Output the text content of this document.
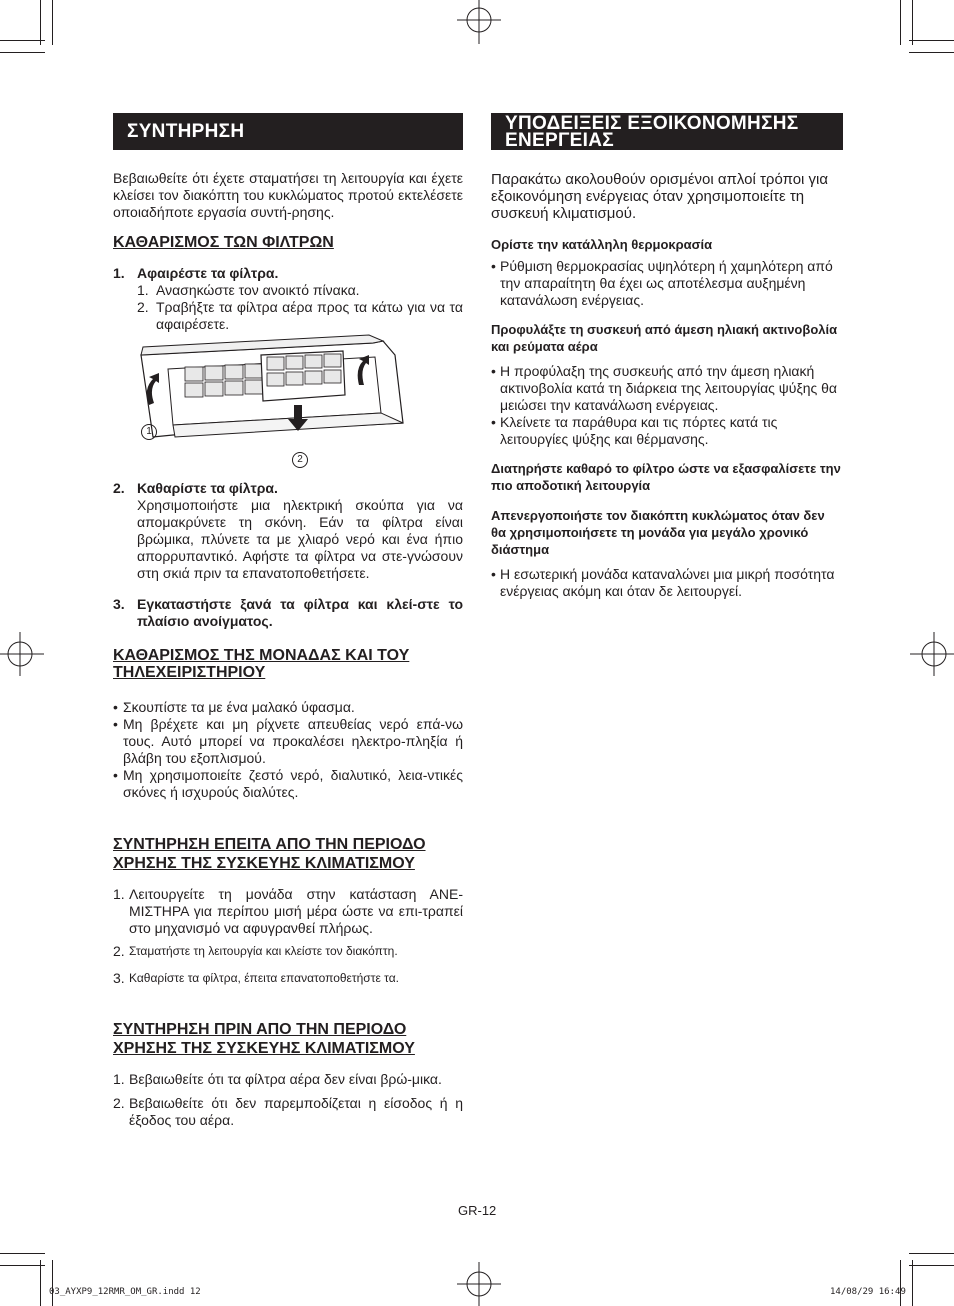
ΣΥΝΤΗΡΗΣΗ

Βεβαιωθείτε ότι έχετε σταματήσει τη λειτουργία και έχετε κλείσει τον διακόπτη του κυκλώματος προτού εκτελέσετε οποιαδήποτε εργασία συντή-ρησης.

ΚΑΘΑΡΙΣΜΟΣ ΤΩΝ ΦΙΛΤΡΩΝ

1. Αφαιρέστε τα φίλτρα.
1. Ανασηκώστε τον ανοικτό πίνακα.
2. Τραβήξτε τα φίλτρα αέρα προς τα κάτω για να τα αφαιρέσετε.
1
2
2. Καθαρίστε τα φίλτρα.

Χρησιμοποιήστε μια ηλεκτρική σκούπα για να απομακρύνετε τη σκόνη. Εάν τα φίλτρα είναι βρώμικα, πλύνετε τα με χλιαρό νερό και ένα ήπιο απορρυπαντικό. Αφήστε τα φίλτρα να στε-γνώσουν στη σκιά πριν τα επανατοποθετήσετε.

3. Εγκαταστήστε ξανά τα φίλτρα και κλεί-στε το πλαίσιο ανοίγματος.

ΚΑΘΑΡΙΣΜΟΣ ΤΗΣ ΜΟΝΑΔΑΣ ΚΑΙ ΤΟΥ

ΤΗΛΕΧΕΙΡΙΣΤΗΡΙΟΥ

• Σκουπίστε τα με ένα μαλακό ύφασμα.
• Μη βρέχετε και μη ρίχνετε απευθείας νερό επά-νω τους. Αυτό μπορεί να προκαλέσει ηλεκτρο-πληξία ή βλάβη του εξοπλισμού.
• Μη χρησιμοποιείτε ζεστό νερό, διαλυτικό, λεια-ντικές σκόνες ή ισχυρούς διαλύτες.

ΣΥΝΤΗΡΗΣΗ ΕΠΕΙΤΑ ΑΠΟ ΤΗΝ ΠΕΡΙΟΔΟ

ΧΡΗΣΗΣ ΤΗΣ ΣΥΣΚΕΥΗΣ ΚΛΙΜΑΤΙΣΜΟΥ

1. Λειτουργείτε τη μονάδα στην κατάσταση ΑΝΕ-ΜΙΣΤΗΡΑ για περίπου μισή μέρα ώστε να επι-τραπεί στο μηχανισμό να αφυγρανθεί πλήρως.
2. Σταματήστε τη λειτουργία και κλείστε τον διακόπτη.
3. Καθαρίστε τα φίλτρα, έπειτα επανατοποθετήστε τα.

ΣΥΝΤΗΡΗΣΗ ΠΡΙΝ ΑΠΟ ΤΗΝ ΠΕΡΙΟΔΟ

ΧΡΗΣΗΣ ΤΗΣ ΣΥΣΚΕΥΗΣ ΚΛΙΜΑΤΙΣΜΟΥ

1. Βεβαιωθείτε ότι τα φίλτρα αέρα δεν είναι βρώ-μικα.
2. Βεβαιωθείτε ότι δεν παρεμποδίζεται η είσοδος ή η έξοδος του αέρα.
ΥΠΟΔΕΙΞΕΙΣ ΕΞΟΙΚΟΝΟΜΗΣΗΣ
ΕΝΕΡΓΕΙΑΣ

Παρακάτω ακολουθούν ορισμένοι απλοί τρόποι για εξοικονόμηση ενέργειας όταν χρησιμοποιείτε τη συσκευή κλιματισμού.

Ορίστε την κατάλληλη θερμοκρασία

• Ρύθμιση θερμοκρασίας υψηλότερη ή χαμηλότερη από την απαραίτητη θα έχει ως αποτέλεσμα αυξημένη κατανάλωση ενέργειας.

Προφυλάξτε τη συσκευή από άμεση ηλιακή ακτινοβολία και ρεύματα αέρα

• Η προφύλαξη της συσκευής από την άμεση ηλιακή ακτινοβολία κατά τη διάρκεια της λειτουργίας ψύξης θα μειώσει την κατανάλωση ενέργειας.
• Κλείνετε τα παράθυρα και τις πόρτες κατά τις λειτουργίες ψύξης και θέρμανσης.

Διατηρήστε καθαρό το φίλτρο ώστε να εξασφαλίσετε την πιο αποδοτική λειτουργία

Απενεργοποιήστε τον διακόπτη κυκλώματος όταν δεν θα χρησιμοποιήσετε τη μονάδα για μεγάλο χρονικό διάστημα

• Η εσωτερική μονάδα καταναλώνει μια μικρή ποσότητα ενέργειας ακόμη και όταν δε λειτουργεί.
GR-12
03_AYXP9_12RMR_OM_GR.indd 12	14/08/29 16:49
